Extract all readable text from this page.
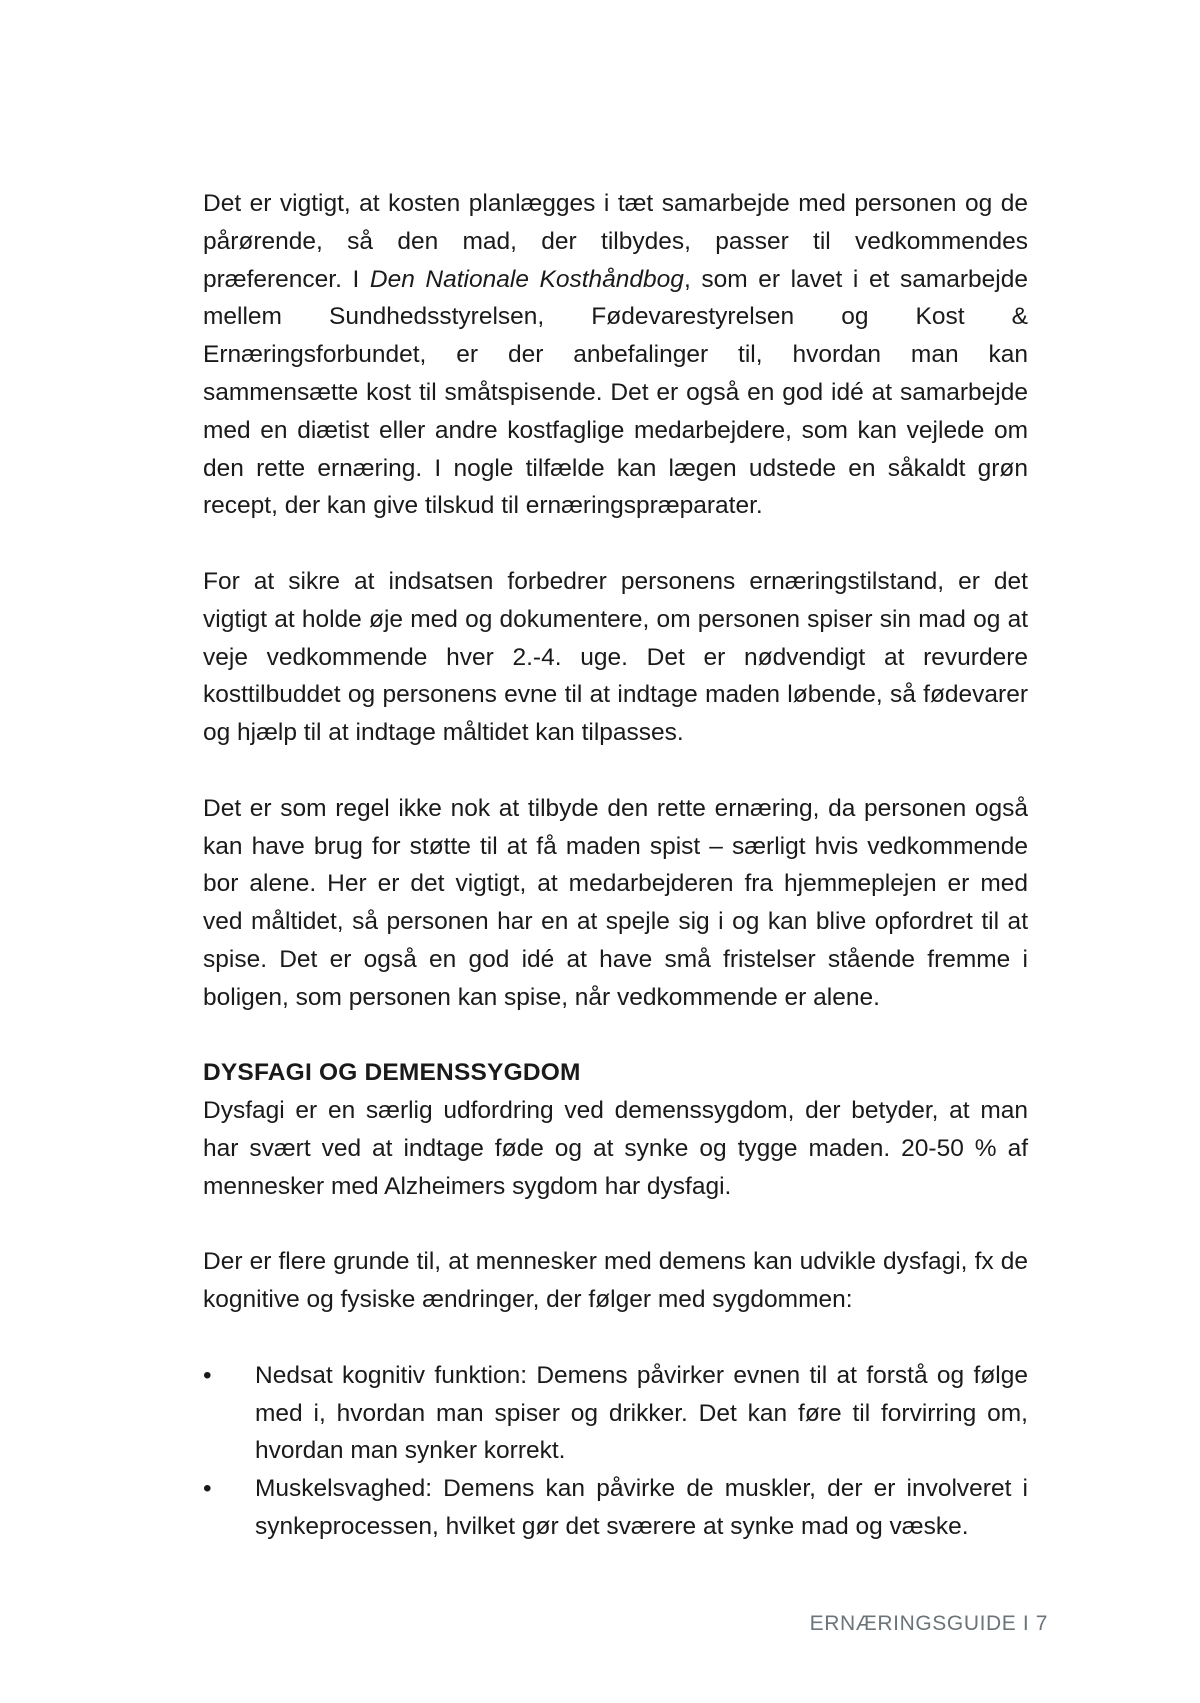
Det er vigtigt, at kosten planlægges i tæt samarbejde med personen og de pårørende, så den mad, der tilbydes, passer til vedkommendes præferencer. I Den Nationale Kosthåndbog, som er lavet i et samarbejde mellem Sundhedsstyrelsen, Fødevarestyrelsen og Kost & Ernæringsforbundet, er der anbefalinger til, hvordan man kan sammensætte kost til småtspisende. Det er også en god idé at samarbejde med en diætist eller andre kostfaglige medarbejdere, som kan vejlede om den rette ernæring. I nogle tilfælde kan lægen udstede en såkaldt grøn recept, der kan give tilskud til ernæringspræparater.

For at sikre at indsatsen forbedrer personens ernæringstilstand, er det vigtigt at holde øje med og dokumentere, om personen spiser sin mad og at veje vedkommende hver 2.-4. uge. Det er nødvendigt at revurdere kosttilbuddet og personens evne til at indtage maden løbende, så fødevarer og hjælp til at indtage måltidet kan tilpasses.

Det er som regel ikke nok at tilbyde den rette ernæring, da personen også kan have brug for støtte til at få maden spist – særligt hvis vedkommende bor alene. Her er det vigtigt, at medarbejderen fra hjemmeplejen er med ved måltidet, så personen har en at spejle sig i og kan blive opfordret til at spise. Det er også en god idé at have små fristelser stående fremme i boligen, som personen kan spise, når vedkommende er alene.

DYSFAGI OG DEMENSSYGDOM

Dysfagi er en særlig udfordring ved demenssygdom, der betyder, at man har svært ved at indtage føde og at synke og tygge maden. 20-50 % af mennesker med Alzheimers sygdom har dysfagi.

Der er flere grunde til, at mennesker med demens kan udvikle dysfagi, fx de kognitive og fysiske ændringer, der følger med sygdommen:

•	Nedsat kognitiv funktion: Demens påvirker evnen til at forstå og følge med i, hvordan man spiser og drikker. Det kan føre til forvirring om, hvordan man synker korrekt.
•	Muskelsvaghed: Demens kan påvirke de muskler, der er involveret i synkeprocessen, hvilket gør det sværere at synke mad og væske.
ERNÆRINGSGUIDE I 7
